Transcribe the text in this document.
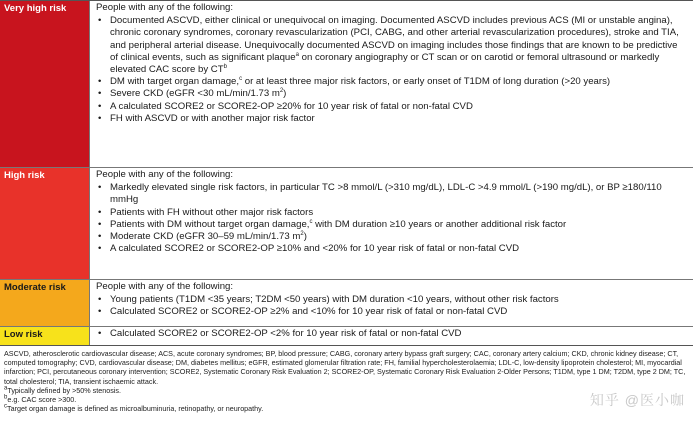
Very high risk	People with any of the following:

• Documented ASCVD, either clinical or unequivocal on imaging. Documented ASCVD includes previous ACS (MI or unstable angina), chronic coronary syndromes, coronary revascularization (PCI, CABG, and other arterial revascularization procedures), stroke and TIA, and peripheral arterial disease. Unequivocally documented ASCVD on imaging includes those findings that are known to be predictive of clinical events, such as significant plaque$^a$ on coronary angiography or CT scan or on carotid or femoral ultrasound or markedly elevated CAC score by $CT^b$
• DM with target organ damage,$^c$ or at least three major risk factors, or early onset of T1DM of long duration (>20 years)
• Severe CKD (eGFR <30 mL/min/1.73 $m^2$)
• A calculated SCORE2 or SCORE2-OP ≥20% for 10 year risk of fatal or non-fatal CVD
• FH with ASCVD or with another major risk factor
High risk	People with any of the following:

• Markedly elevated single risk factors, in particular TC >8 mmol/L (>310 mg/dL), LDL-C >4.9 mmol/L (>190 mg/dL), or BP ≥180/110 mmHg
• Patients with FH without other major risk factors
• Patients with DM without target organ damage,$^c$ with DM duration ≥10 years or another additional risk factor
• Moderate CKD (eGFR 30–59 mL/min/1.73 $m^2$)
• A calculated SCORE2 or SCORE2-OP ≥10% and <20% for 10 year risk of fatal or non-fatal CVD
Moderate risk	People with any of the following:

• Young patients (T1DM <35 years; T2DM <50 years) with DM duration <10 years, without other risk factors
• Calculated SCORE2 or SCORE2-OP ≥2% and <10% for 10 year risk of fatal or non-fatal CVD
Low risk	• Calculated SCORE2 or SCORE2-OP <2% for 10 year risk of fatal or non-fatal CVD

ASCVD, atherosclerotic cardiovascular disease; ACS, acute coronary syndromes; BP, blood pressure; CABG, coronary artery bypass graft surgery; CAC, coronary artery calcium; CKD, chronic kidney disease; CT, computed tomography; CVD, cardiovascular disease; DM, diabetes mellitus; eGFR, estimated glomerular filtration rate; FH, familial hypercholesterolaemia; LDL-C, low-density lipoprotein cholesterol; MI, myocardial infarction; PCI, percutaneous coronary intervention; SCORE2, Systematic Coronary Risk Evaluation 2; SCORE2-OP, Systematic Coronary Risk Evaluation 2-Older Persons; T1DM, type 1 DM; T2DM, type 2 DM; TC, total cholesterol; TIA, transient ischaemic attack.

$^a$Typically defined by >50% stenosis.

$^b$e.g. CAC score >300.

$^c$Target organ damage is defined as microalbuminuria, retinopathy, or neuropathy.

知乎 @医小咖
